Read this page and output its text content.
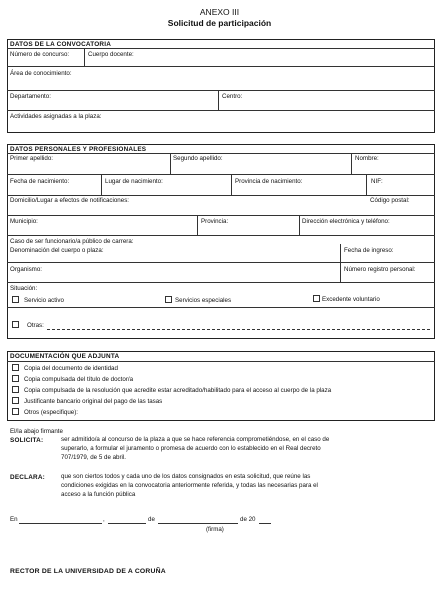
ANEXO III
Solicitud de participación
DATOS DE LA CONVOCATORIA
Número de concurso:	Cuerpo docente:
Área de conocimiento:
Departamento:	Centro:
Actividades asignadas a la plaza:
DATOS PERSONALES Y PROFESIONALES
Primer apellido:	Segundo apellido:	Nombre:
Fecha de nacimiento:	Lugar de nacimiento:	Provincia de nacimiento:	NIF:
Domicilio/Lugar a efectos de notificaciones:	Código postal:
Municipio:	Provincia:	Dirección electrónica y teléfono:
Caso de ser funcionario/a público de carrera:
Denominación del cuerpo o plaza:	Fecha de ingreso:
Organismo:	Número registro personal:
Situación:
Servicio activo	Servicios especiales	Excedente voluntario
Otras:
DOCUMENTACIÓN QUE ADJUNTA
Copia del documento de identidad
Copia compulsada del título de doctor/a
Copia compulsada de la resolución que acredite estar acreditado/habilitado para el acceso al cuerpo de la plaza
Justificante bancario original del pago de las tasas
Otros (especifique):
El/la abajo firmante
SOLICITA:	ser admitido/a al concurso de la plaza a que se hace referencia comprometiéndose, en el caso de
superarlo, a formular el juramento o promesa de acuerdo con lo establecido en el Real decreto
707/1979, de 5 de abril.
DECLARA:	que son ciertos todos y cada uno de los datos consignados en esta solicitud, que reúne las
condiciones exigidas en la convocatoria anteriormente referida, y todas las necesarias para el
acceso a la función pública
En	,	de	de 20
(firma)
RECTOR DE LA UNIVERSIDAD DE A CORUÑA
